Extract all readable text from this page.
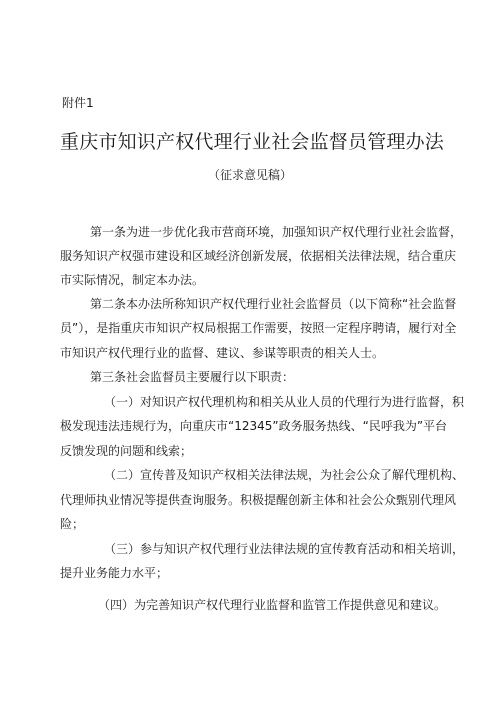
附件1
重庆市知识产权代理行业社会监督员管理办法
（征求意见稿）
第一条为进一步优化我市营商环境，加强知识产权代理行业社会监督，
服务知识产权强市建设和区域经济创新发展，依据相关法律法规，结合重庆
市实际情况，制定本办法。
第二条本办法所称知识产权代理行业社会监督员（以下简称“社会监督
员”），是指重庆市知识产权局根据工作需要，按照一定程序聘请，履行对全
市知识产权代理行业的监督、建议、参谋等职责的相关人士。
第三条社会监督员主要履行以下职责：
（一）对知识产权代理机构和相关从业人员的代理行为进行监督，积
极发现违法违规行为，向重庆市“12345”政务服务热线、“民呼我为”平台
反馈发现的问题和线索；
（二）宣传普及知识产权相关法律法规，为社会公众了解代理机构、
代理师执业情况等提供查询服务。积极提醒创新主体和社会公众甄别代理风
险；
（三）参与知识产权代理行业法律法规的宣传教育活动和相关培训，
提升业务能力水平；
（四）为完善知识产权代理行业监督和监管工作提供意见和建议。
